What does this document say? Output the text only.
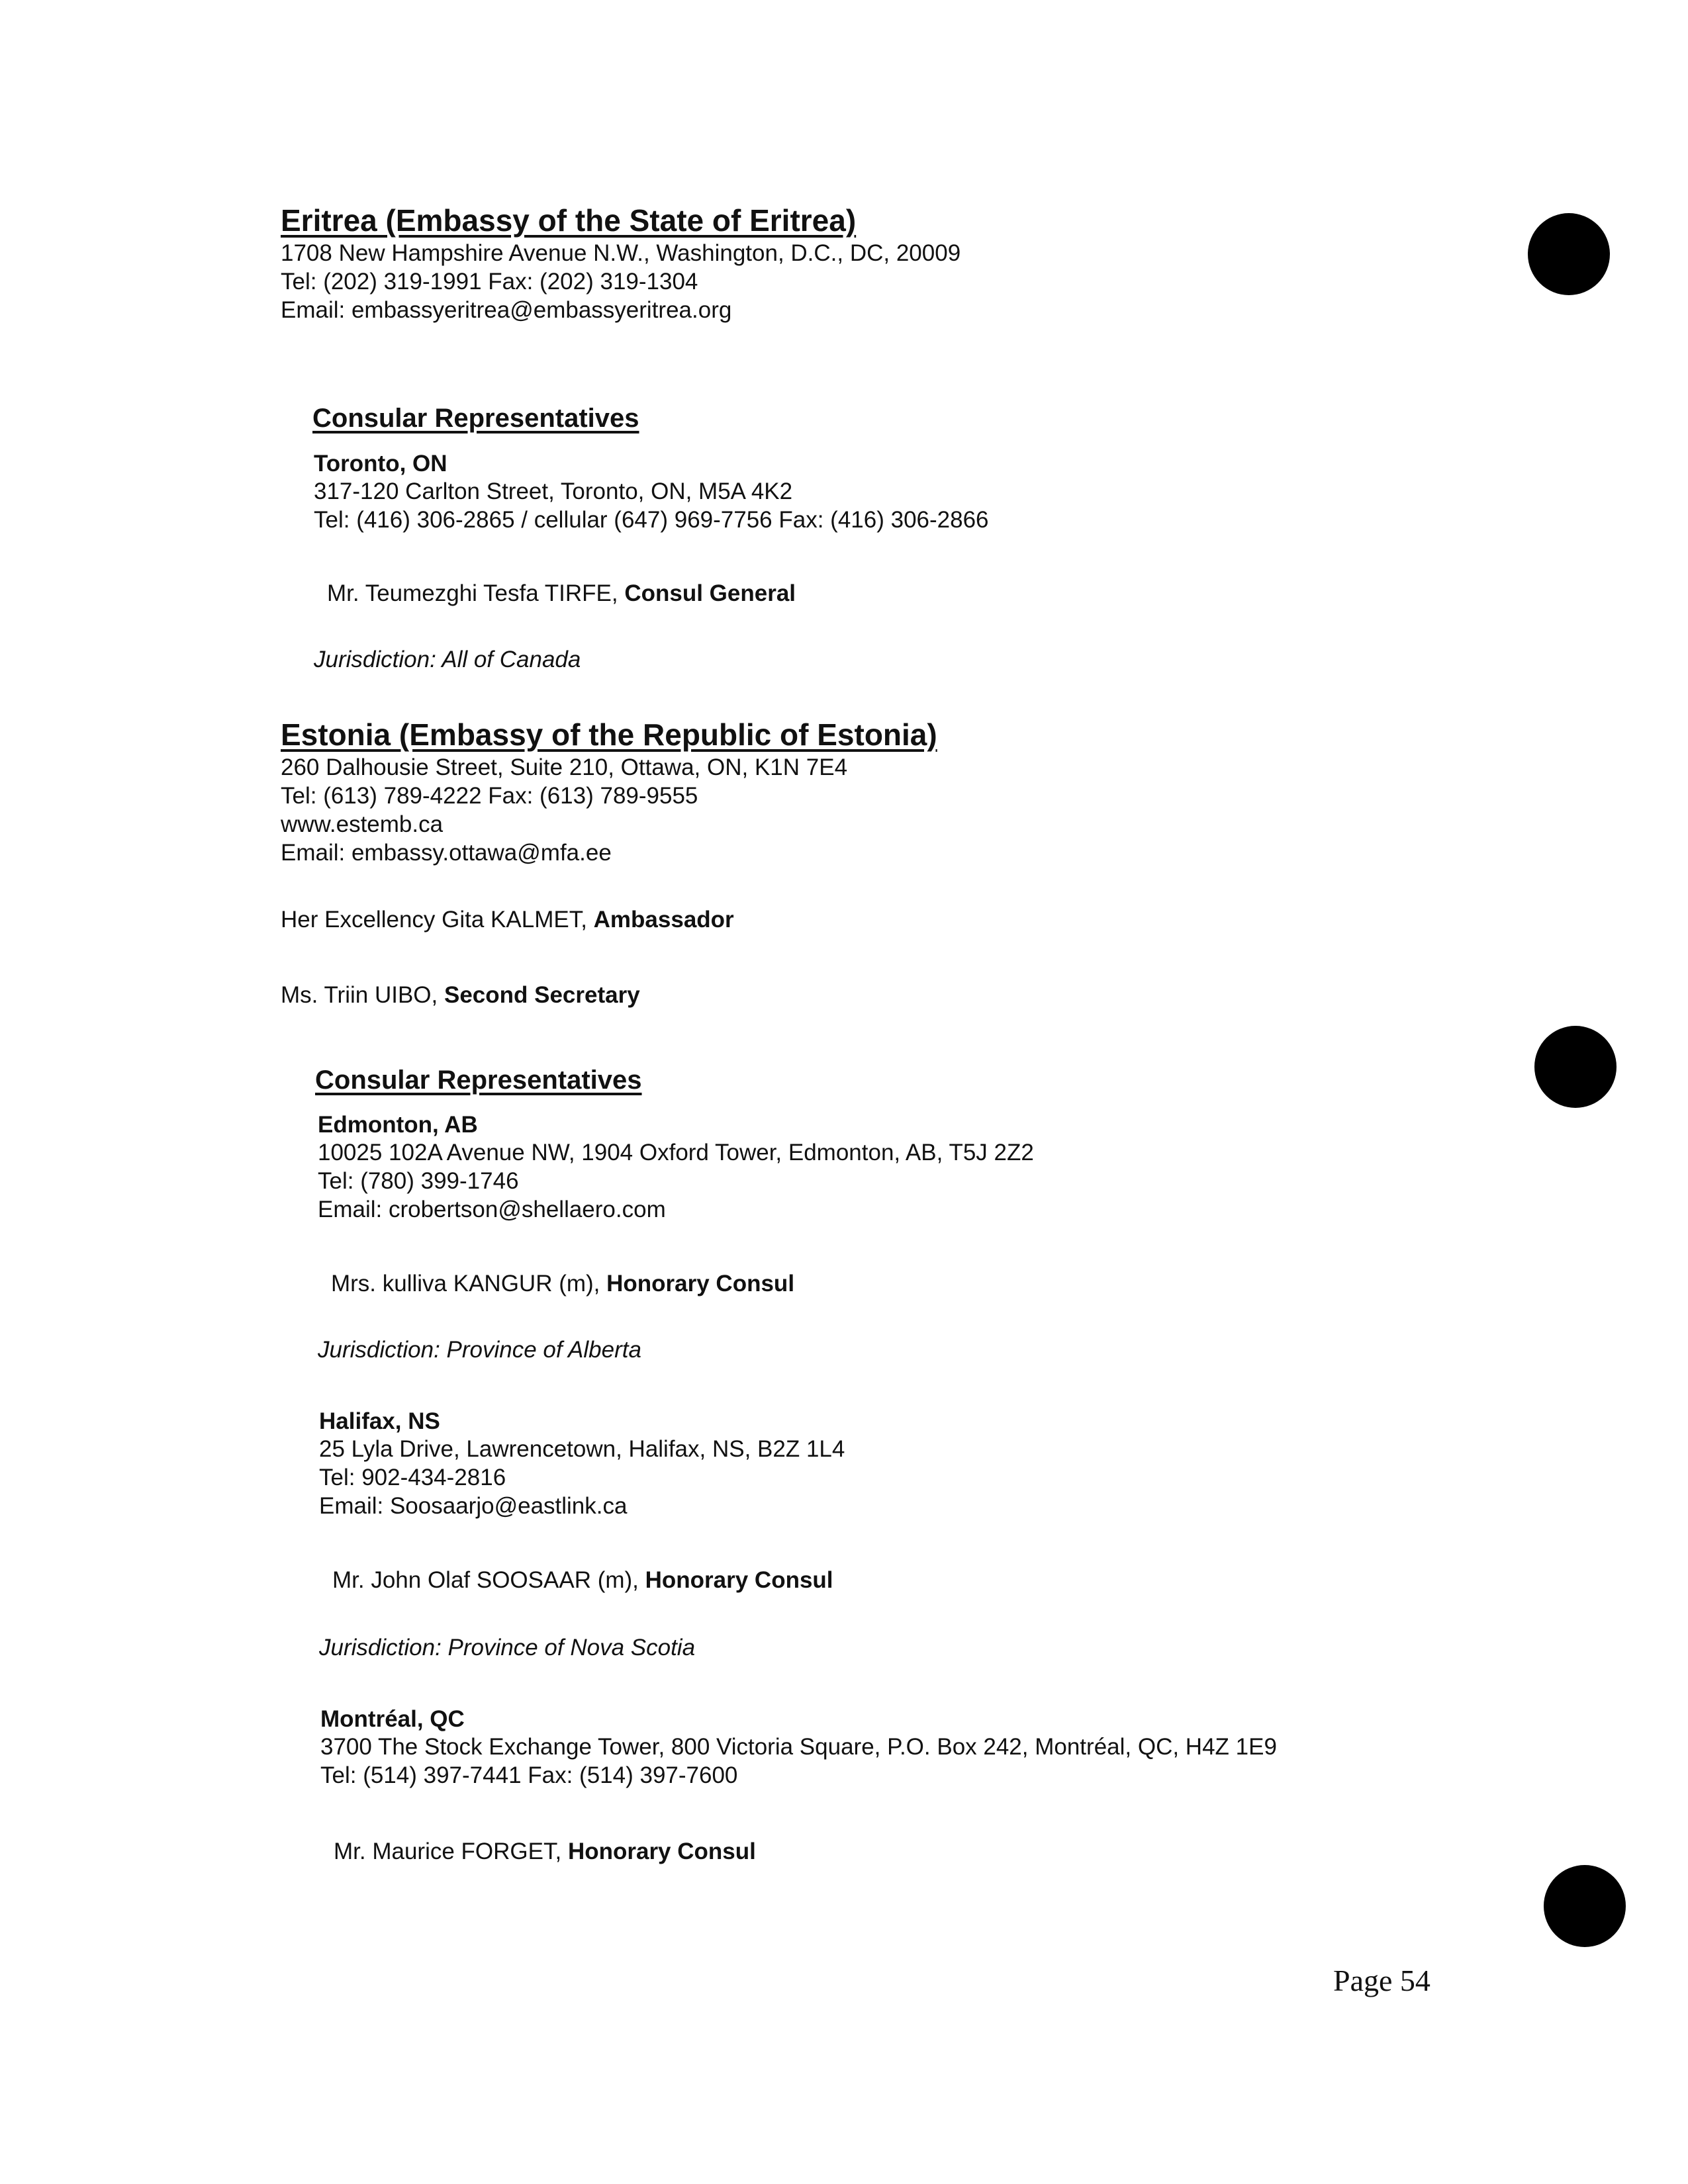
Eritrea (Embassy of the State of Eritrea)
1708 New Hampshire Avenue N.W., Washington, D.C., DC, 20009
Tel: (202) 319-1991 Fax: (202) 319-1304
Email: embassyeritrea@embassyeritrea.org
Consular Representatives
Toronto, ON
317-120 Carlton Street, Toronto, ON, M5A 4K2
Tel: (416) 306-2865 / cellular (647) 969-7756 Fax: (416) 306-2866
Mr. Teumezghi Tesfa TIRFE, Consul General
Jurisdiction: All of Canada
Estonia (Embassy of the Republic of Estonia)
260 Dalhousie Street, Suite 210, Ottawa, ON, K1N 7E4
Tel: (613) 789-4222 Fax: (613) 789-9555
www.estemb.ca
Email: embassy.ottawa@mfa.ee
Her Excellency Gita KALMET, Ambassador
Ms. Triin UIBO, Second Secretary
Consular Representatives
Edmonton, AB
10025 102A Avenue NW, 1904 Oxford Tower, Edmonton, AB, T5J 2Z2
Tel: (780) 399-1746
Email: crobertson@shellaero.com
Mrs. kulliva KANGUR (m), Honorary Consul
Jurisdiction: Province of Alberta
Halifax, NS
25 Lyla Drive, Lawrencetown, Halifax, NS, B2Z 1L4
Tel: 902-434-2816
Email: Soosaarjo@eastlink.ca
Mr. John Olaf SOOSAAR (m), Honorary Consul
Jurisdiction: Province of Nova Scotia
Montréal, QC
3700 The Stock Exchange Tower, 800 Victoria Square, P.O. Box 242, Montréal, QC, H4Z 1E9
Tel: (514) 397-7441 Fax: (514) 397-7600
Mr. Maurice FORGET, Honorary Consul
Page 54
